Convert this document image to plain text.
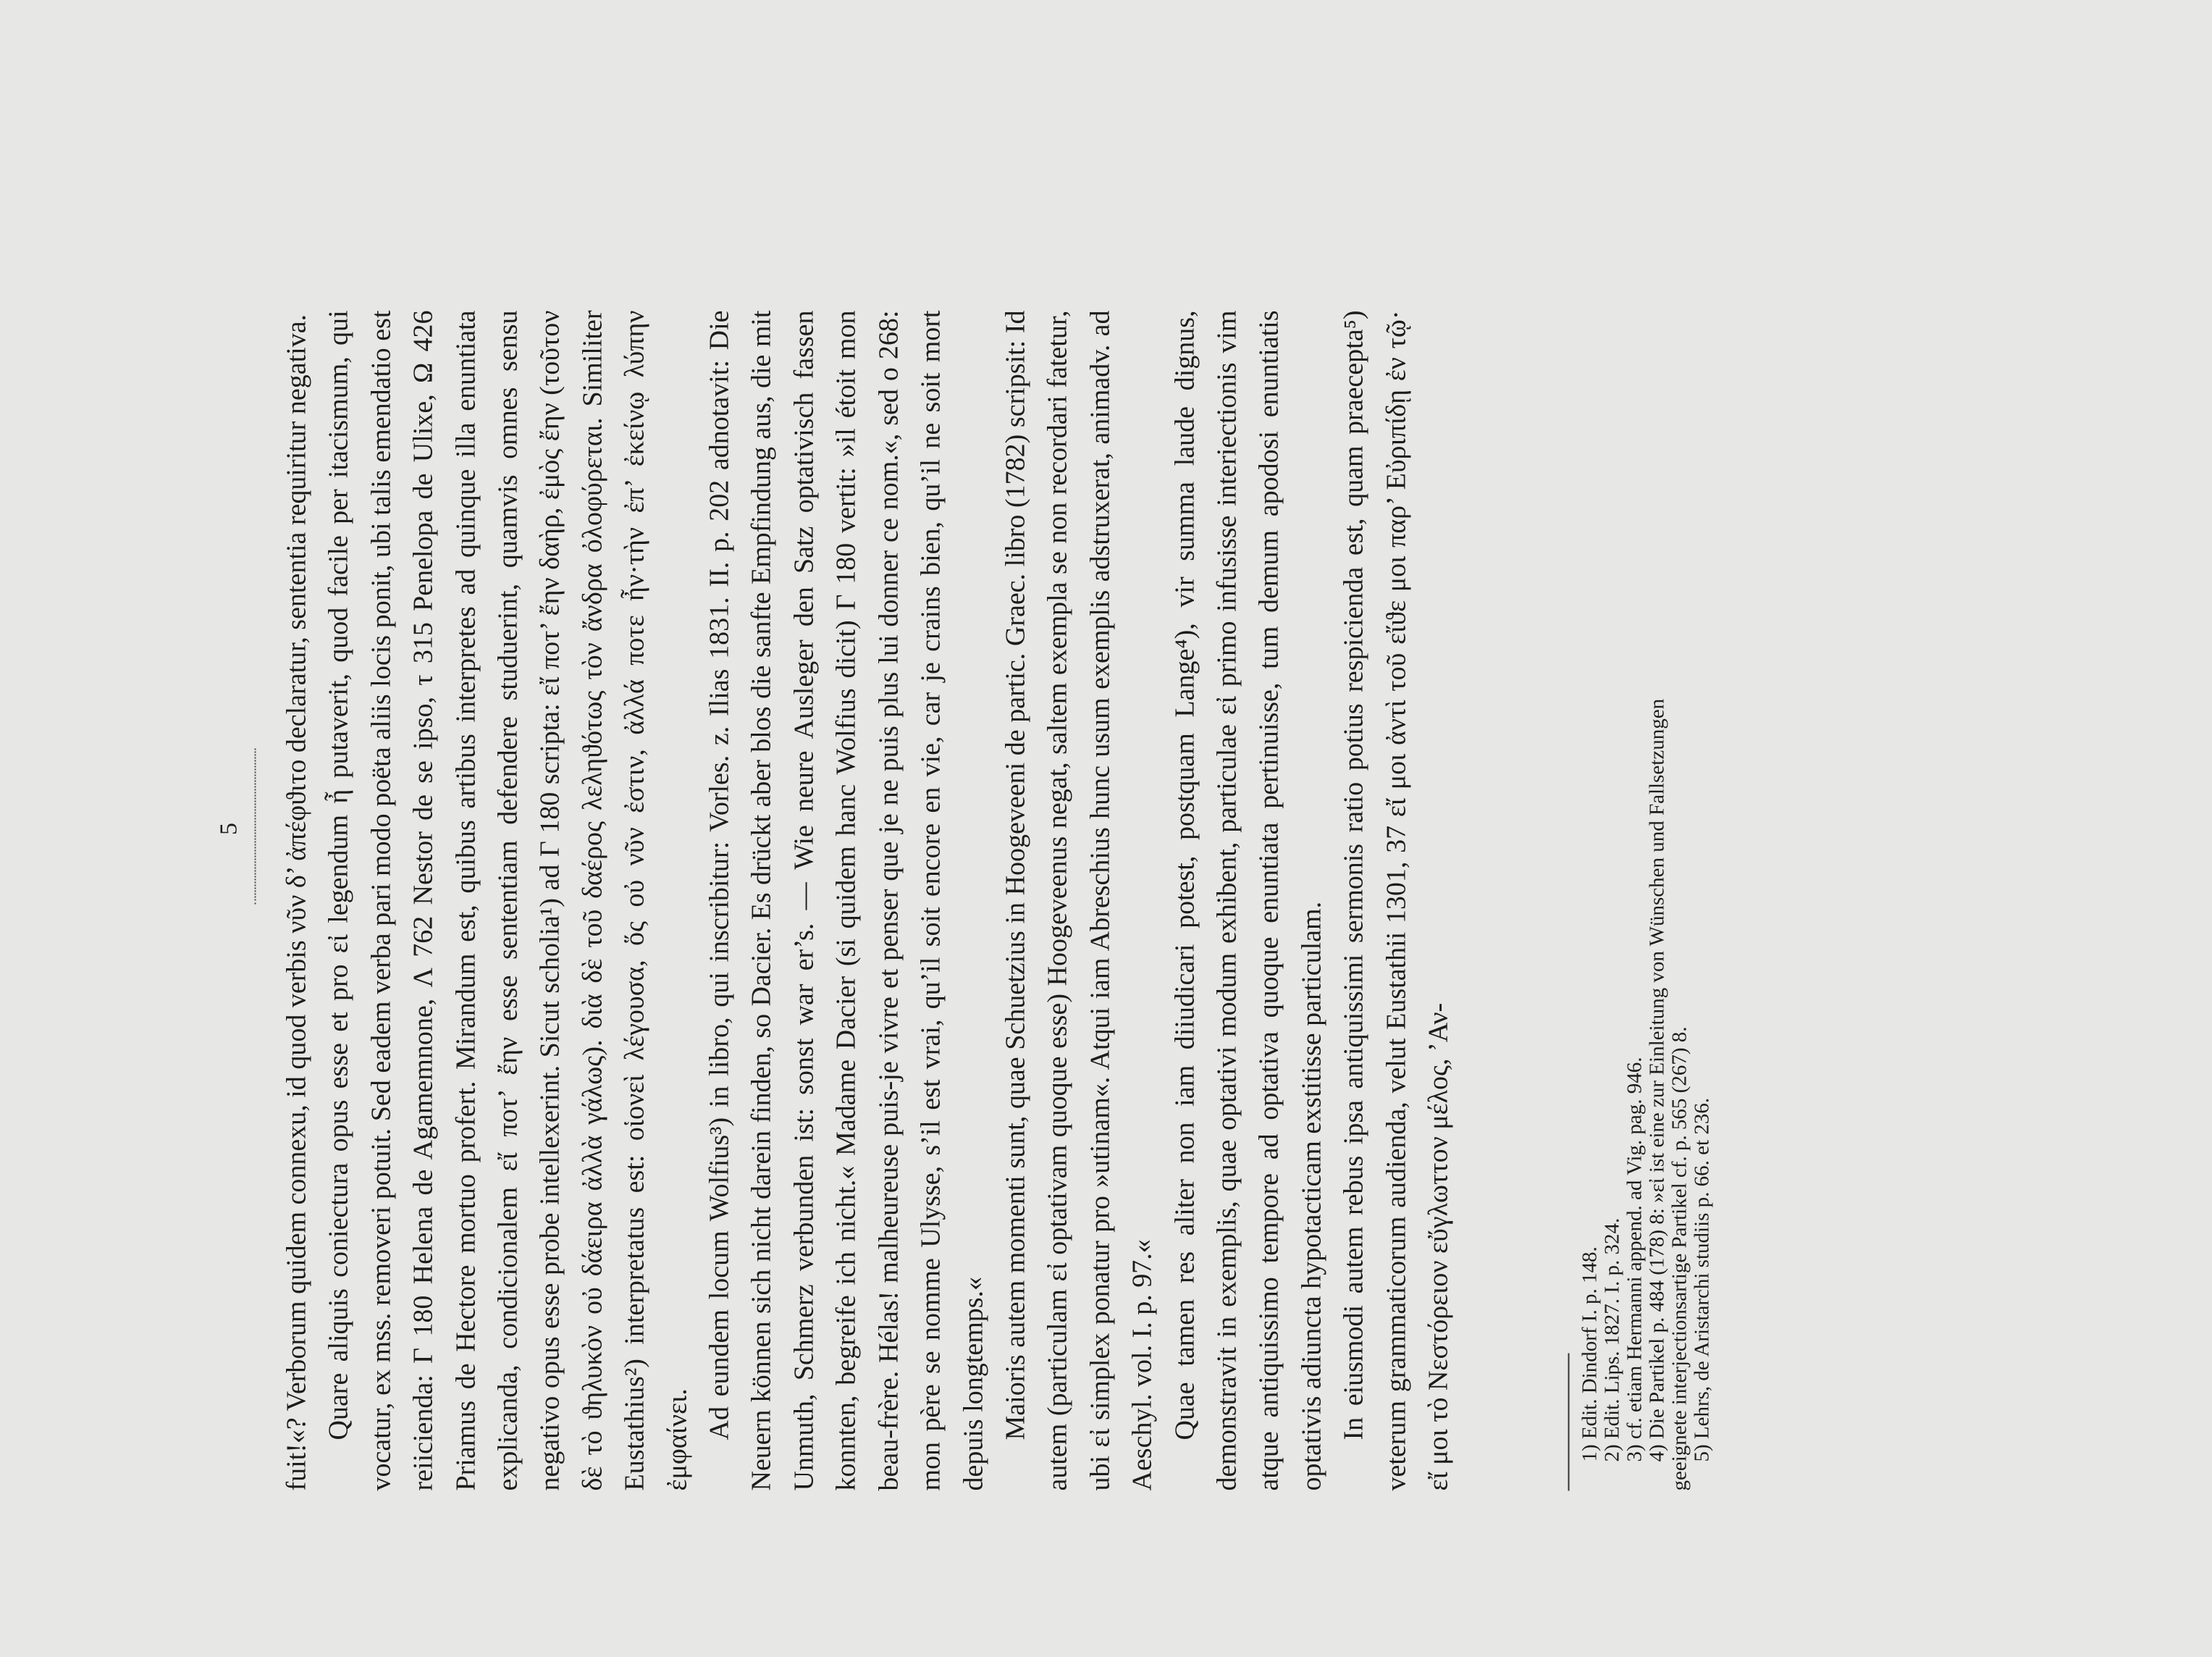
5 fuit!«? Verborum quidem connexu, id quod verbis νῦν δ’ ἀπέφϑιτο declaratur, sententia requiritur negativa. Quare aliquis coniectura opus esse et pro εἰ legendum ἦ putaverit, quod facile per itacismum, qui vocatur, ex mss. removeri potuit. Sed eadem verba pari modo poëta aliis locis ponit, ubi talis emendatio est reiicienda: Γ 180 Helena de Agamemnone, Λ 762 Nestor de se ipso, τ 315 Penelopa de Ulixe, Ω 426 Priamus de Hectore mortuo profert. Mirandum est, quibus artibus interpretes ad quinque illa enuntiata explicanda, condicionalem εἴ ποτ’ ἔην esse sententiam defendere studuerint, quamvis omnes sensu negativo opus esse probe intellexerint. Sicut scholia¹) ad Γ 180 scripta: εἴ ποτ’ ἔην δαὴρ, ἐμὸς ἔην (τοῦτον δὲ τὸ ϑηλυκὸν οὐ δάειρα ἀλλὰ γάλως). διὰ δὲ τοῦ δαέρος λεληϑότως τὸν ἄνδρα ὀλοφύρεται. Similiter Eustathius²) interpretatus est: οἱονεὶ λέγουσα, ὅς οὐ νῦν ἐστιν, ἀλλά ποτε ἦν·τὴν ἐπ’ ἐκείνῳ λύπην ἐμφαίνει. Ad eundem locum Wolfius³) in libro, qui inscribitur: Vorles. z. Ilias 1831. II. p. 202 adnotavit: Die Neuern können sich nicht darein finden, so Dacier. Es drückt aber blos die sanfte Empfindung aus, die mit Unmuth, Schmerz verbunden ist: sonst war er’s. — Wie neure Ausleger den Satz optativisch fassen konnten, begreife ich nicht.« Madame Dacier (si quidem hanc Wolfius dicit) Γ 180 vertit: »il étoit mon beau-frère. Hélas! malheureuse puis-je vivre et penser que je ne puis plus lui donner ce nom.«, sed ο 268: mon père se nomme Ulysse, s’il est vrai, qu’il soit encore en vie, car je crains bien, qu’il ne soit mort depuis longtemps.« Maioris autem momenti sunt, quae Schuetzius in Hoogeveeni de partic. Graec. libro (1782) scripsit: Id autem (particulam εἰ optativam quoque esse) Hoogeveenus negat, saltem exempla se non recordari fatetur, ubi εἰ simplex ponatur pro »utinam«. Atqui iam Abreschius hunc usum exemplis adstruxerat, animadv. ad Aeschyl. vol. I. p. 97.« Quae tamen res aliter non iam diiudicari potest, postquam Lange⁴), vir summa laude dignus, demonstravit in exemplis, quae optativi modum exhibent, particulae εἰ primo infusisse interiectionis vim atque antiquissimo tempore ad optativa quoque enuntiata pertinuisse, tum demum apodosi enuntiatis optativis adiuncta hypotacticam exstitisse particulam. In eiusmodi autem rebus ipsa antiquissimi sermonis ratio potius respicienda est, quam praecepta⁵) veterum grammaticorum audienda, velut Eustathii 1301, 37 εἴ μοι ἀντὶ τοῦ εἴϑε μοι παρ’ Εὐριπίδῃ ἐν τῷ· εἴ μοι τὸ Νεστόρειον εὔγλωττον μέλος, ’Αν-	1) Edit. Dindorf I. p. 148. 2) Edit. Lips. 1827. I. p. 324. 3) cf. etiam Hermanni append. ad Vig. pag. 946. 4) Die Partikel p. 484 (178) 8: »εἰ ist eine zur Einleitung von Wünschen und Fallsetzungen geeignete interjectionsartige Partikel cf. p. 565 (267) 8. 5) Lehrs, de Aristarchi studiis p. 66. et 236.
